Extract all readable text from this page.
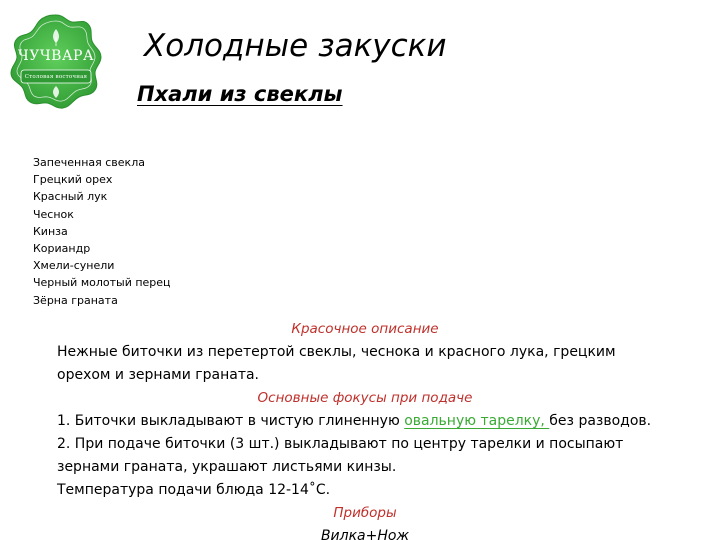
ЧУЧВАРА
Столовая восточная
Холодные закуски
Пхали из свеклы
Запеченная свекла
Грецкий орех
Красный лук
Чеснок
Кинза
Кориандр
Хмели-сунели
Черный молотый перец
Зёрна граната
Красочное описание

Нежные биточки из перетертой свеклы, чеснока и красного лука, грецким

орехом и зернами граната.

Основные фокусы при подаче

1. Биточки выкладывают в чистую глиненную овальную тарелку, без разводов.

2. При подаче биточки (3 шт.) выкладывают по центру тарелки и посыпают

зернами граната, украшают листьями кинзы.

Температура подачи блюда 12-14˚С.

Приборы
Вилка+Нож
